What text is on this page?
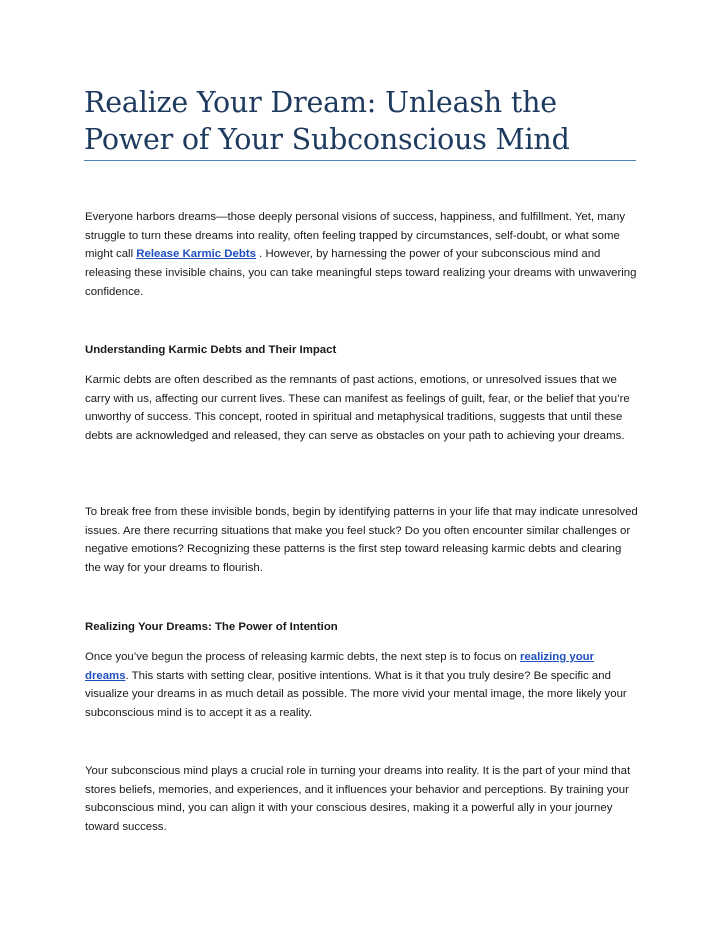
Realize Your Dream: Unleash the Power of Your Subconscious Mind

Everyone harbors dreams—those deeply personal visions of success, happiness, and fulfillment. Yet, many struggle to turn these dreams into reality, often feeling trapped by circumstances, self-doubt, or what some might call Release Karmic Debts . However, by harnessing the power of your subconscious mind and releasing these invisible chains, you can take meaningful steps toward realizing your dreams with unwavering confidence.

Understanding Karmic Debts and Their Impact

Karmic debts are often described as the remnants of past actions, emotions, or unresolved issues that we carry with us, affecting our current lives. These can manifest as feelings of guilt, fear, or the belief that you’re unworthy of success. This concept, rooted in spiritual and metaphysical traditions, suggests that until these debts are acknowledged and released, they can serve as obstacles on your path to achieving your dreams.

To break free from these invisible bonds, begin by identifying patterns in your life that may indicate unresolved issues. Are there recurring situations that make you feel stuck? Do you often encounter similar challenges or negative emotions? Recognizing these patterns is the first step toward releasing karmic debts and clearing the way for your dreams to flourish.

Realizing Your Dreams: The Power of Intention

Once you’ve begun the process of releasing karmic debts, the next step is to focus on realizing your dreams. This starts with setting clear, positive intentions. What is it that you truly desire? Be specific and visualize your dreams in as much detail as possible. The more vivid your mental image, the more likely your subconscious mind is to accept it as a reality.

Your subconscious mind plays a crucial role in turning your dreams into reality. It is the part of your mind that stores beliefs, memories, and experiences, and it influences your behavior and perceptions. By training your subconscious mind, you can align it with your conscious desires, making it a powerful ally in your journey toward success.
